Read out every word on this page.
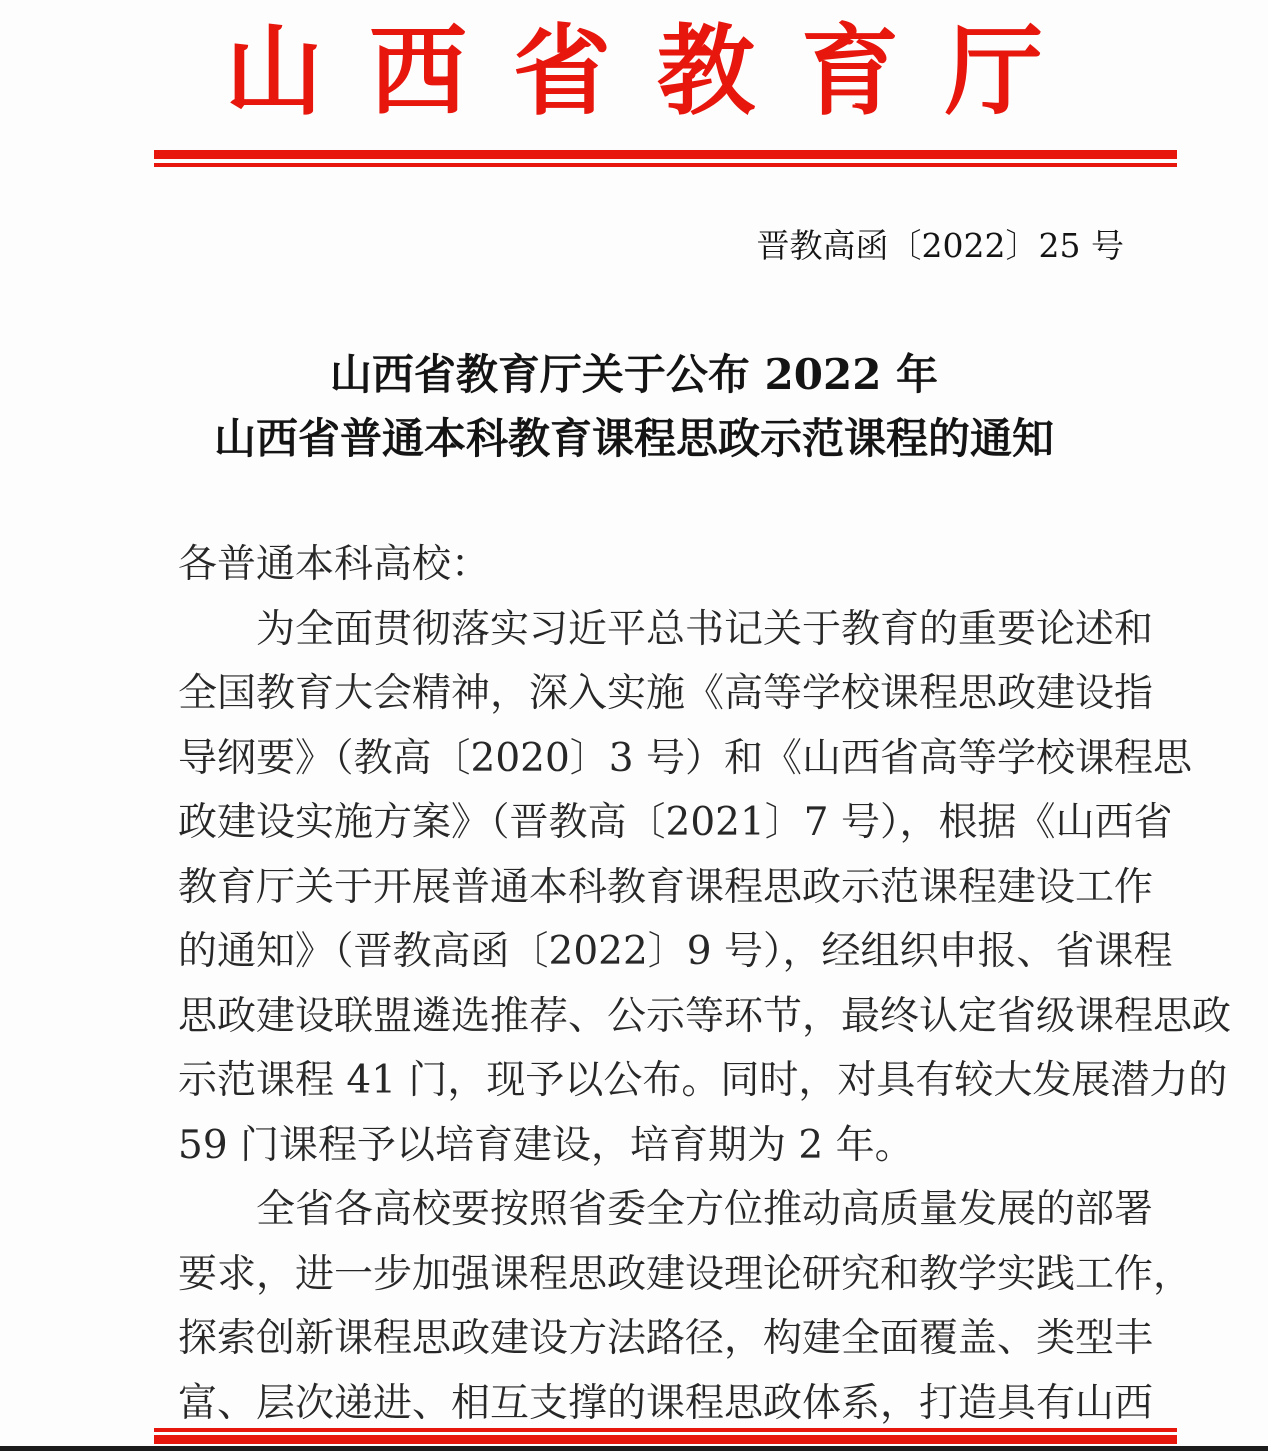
山西省教育厅
晋教高函〔2022〕25 号
山西省教育厅关于公布 2022 年
山西省普通本科教育课程思政示范课程的通知
各普通本科高校：
为全面贯彻落实习近平总书记关于教育的重要论述和
全国教育大会精神，深入实施《高等学校课程思政建设指
导纲要》（教高〔2020〕3 号）和《山西省高等学校课程思
政建设实施方案》（晋教高〔2021〕7 号），根据《山西省
教育厅关于开展普通本科教育课程思政示范课程建设工作
的通知》（晋教高函〔2022〕9 号），经组织申报、省课程
思政建设联盟遴选推荐、公示等环节，最终认定省级课程思政
示范课程 41 门，现予以公布。同时，对具有较大发展潜力的
59 门课程予以培育建设，培育期为 2 年。
全省各高校要按照省委全方位推动高质量发展的部署
要求，进一步加强课程思政建设理论研究和教学实践工作，
探索创新课程思政建设方法路径，构建全面覆盖、类型丰
富、层次递进、相互支撑的课程思政体系，打造具有山西
